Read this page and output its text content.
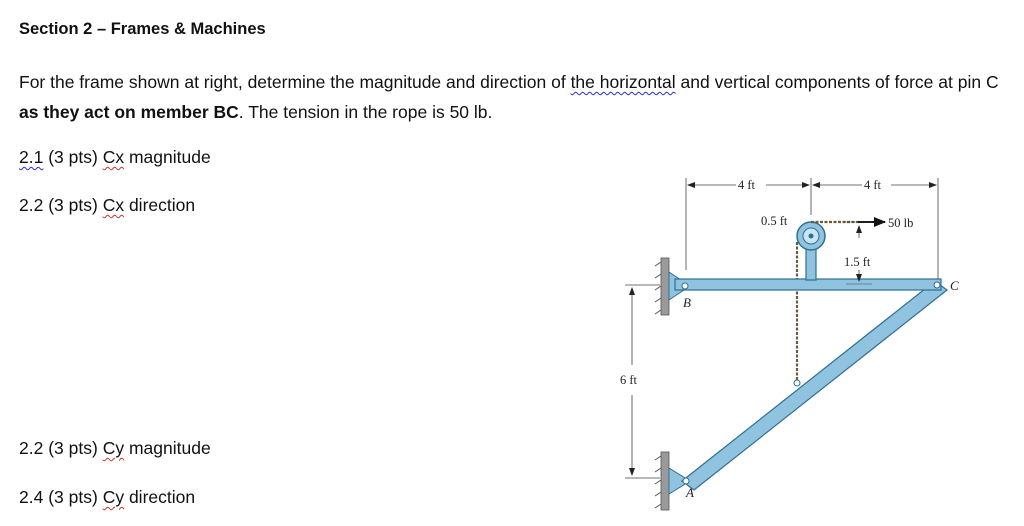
Section 2 – Frames & Machines
For the frame shown at right, determine the magnitude and direction of the horizontal and vertical components of force at pin C as they act on member BC. The tension in the rope is 50 lb.
2.1 (3 pts) Cx magnitude
2.2 (3 pts) Cx direction
2.2 (3 pts) Cy magnitude
2.4 (3 pts) Cy direction
4 ft	4 ft
6 ft
50 lb
0.5 ft
1.5 ft
B
C
A
